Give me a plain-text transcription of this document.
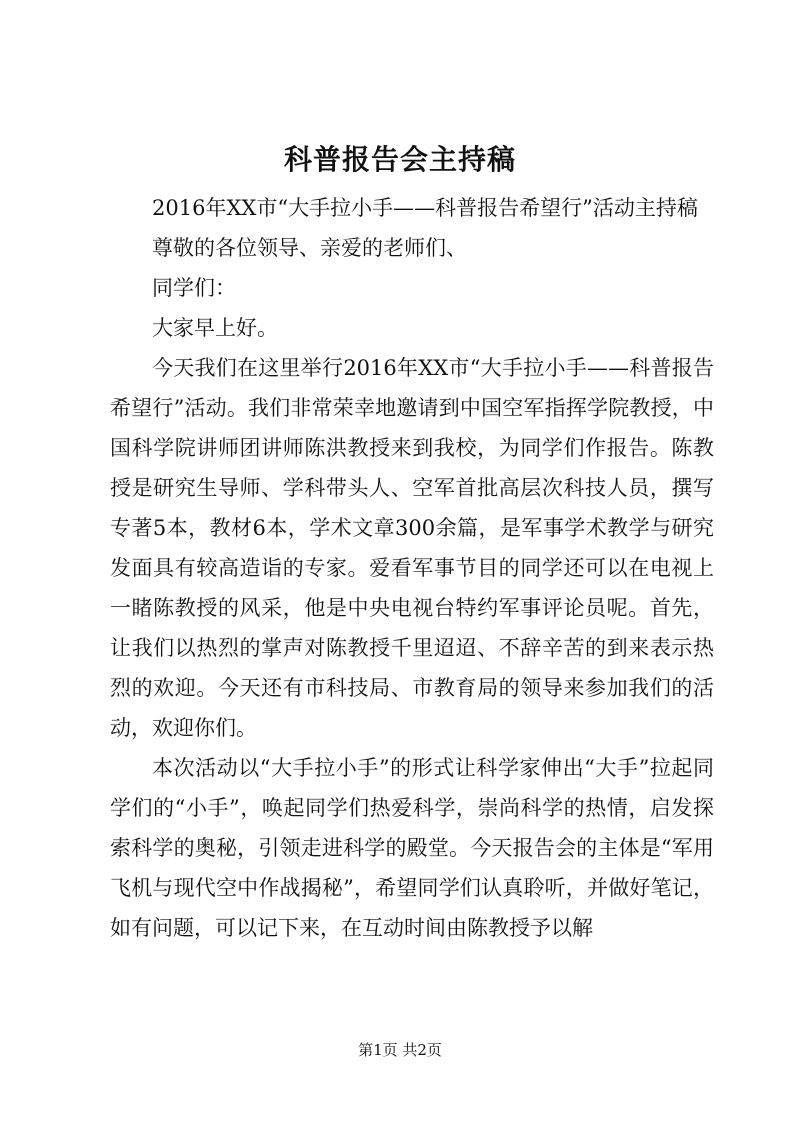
科普报告会主持稿

2016年XX市“大手拉小手——科普报告希望行”活动主持稿

尊敬的各位领导、亲爱的老师们、

同学们：

大家早上好。

今天我们在这里举行2016年XX市“大手拉小手——科普报告希望行”活动。我们非常荣幸地邀请到中国空军指挥学院教授，中国科学院讲师团讲师陈洪教授来到我校，为同学们作报告。陈教授是研究生导师、学科带头人、空军首批高层次科技人员，撰写专著5本，教材6本，学术文章300余篇，是军事学术教学与研究发面具有较高造诣的专家。爱看军事节目的同学还可以在电视上一睹陈教授的风采，他是中央电视台特约军事评论员呢。首先，让我们以热烈的掌声对陈教授千里迢迢、不辞辛苦的到来表示热烈的欢迎。今天还有市科技局、市教育局的领导来参加我们的活动，欢迎你们。

本次活动以“大手拉小手”的形式让科学家伸出“大手”拉起同学们的“小手”，唤起同学们热爱科学，崇尚科学的热情，启发探索科学的奥秘，引领走进科学的殿堂。今天报告会的主体是“军用飞机与现代空中作战揭秘”，希望同学们认真聆听，并做好笔记，如有问题，可以记下来，在互动时间由陈教授予以解

第1页 共2页
